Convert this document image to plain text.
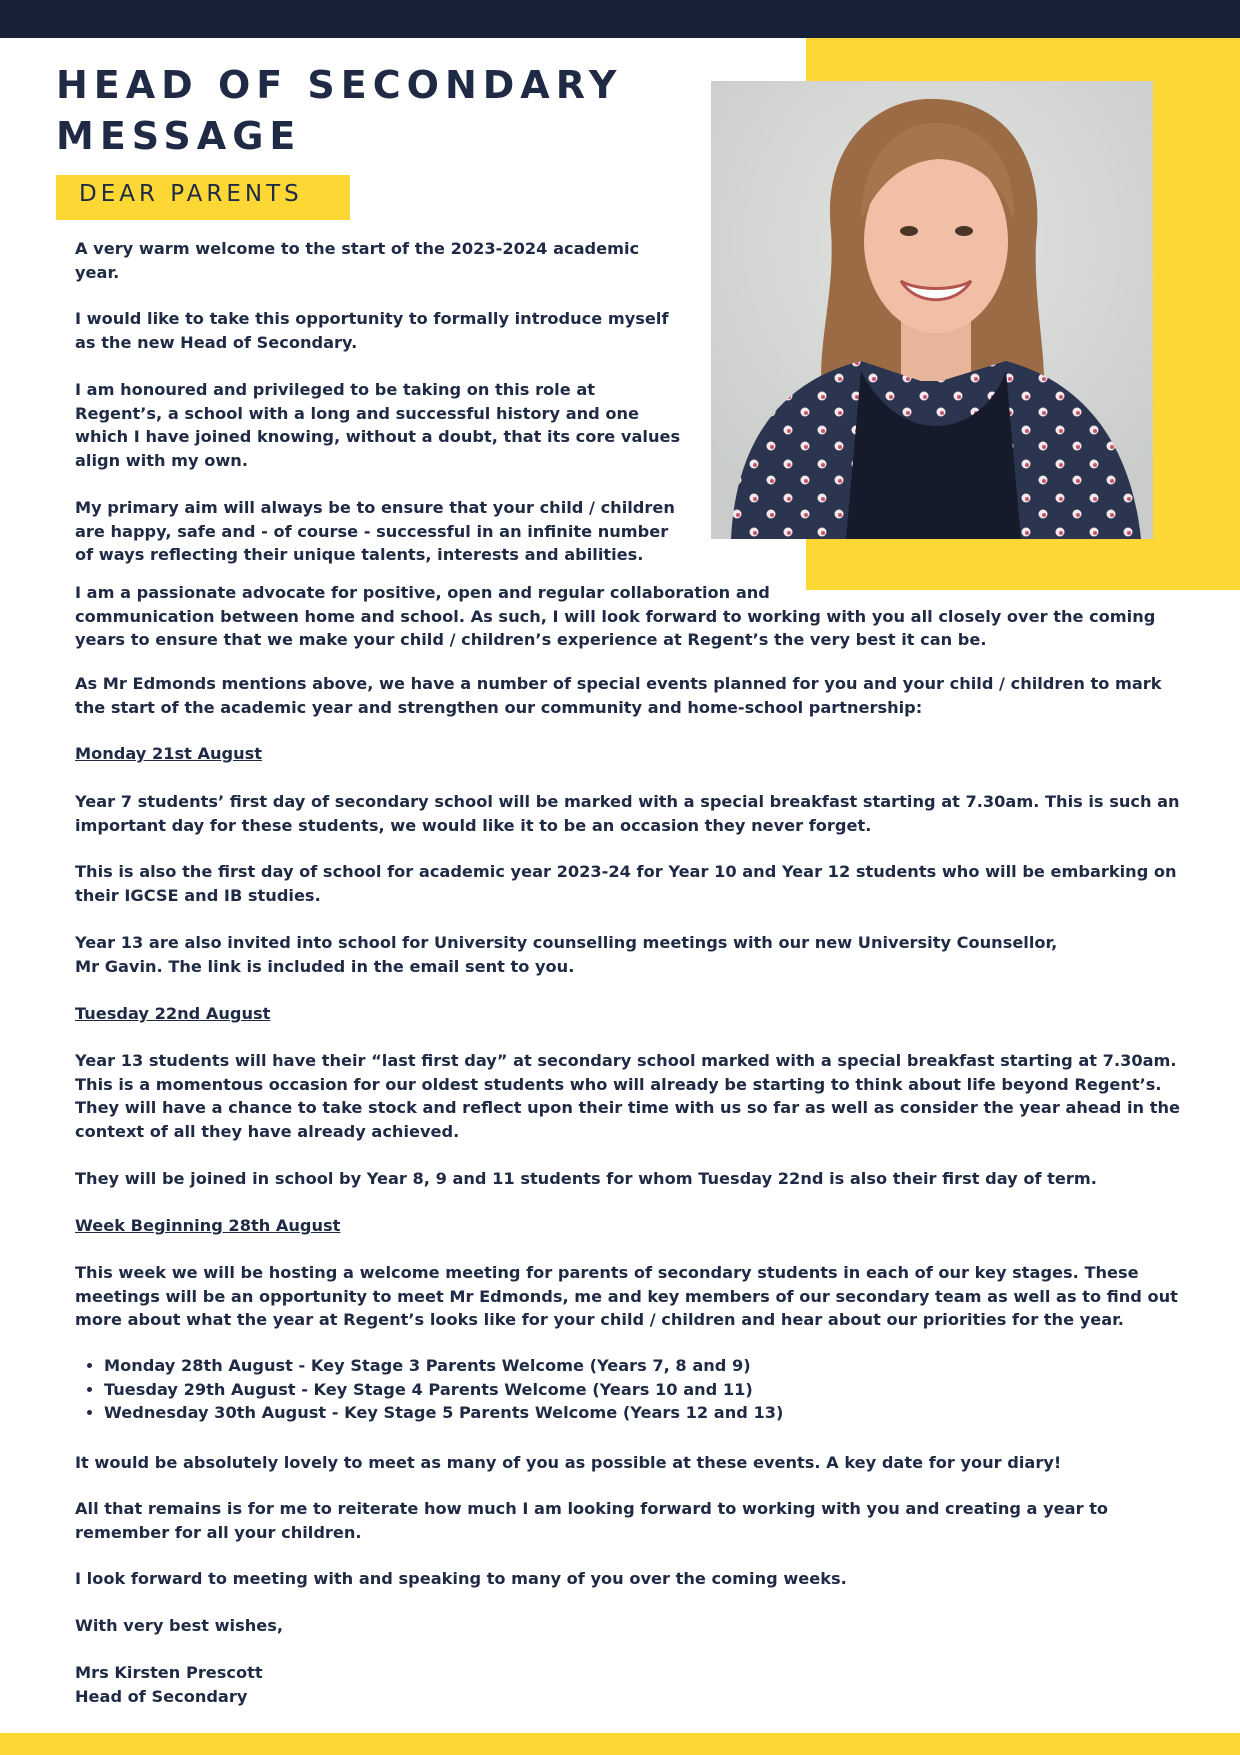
HEAD OF SECONDARY
MESSAGE
DEAR PARENTS

A very warm welcome to the start of the 2023-2024 academic year.

I would like to take this opportunity to formally introduce myself as the new Head of Secondary.

I am honoured and privileged to be taking on this role at Regent’s, a school with a long and successful history and one which I have joined knowing, without a doubt, that its core values align with my own.

My primary aim will always be to ensure that your child / children are happy, safe and - of course - successful in an infinite number of ways reflecting their unique talents, interests and abilities.

I am a passionate advocate for positive, open and regular collaboration and
communication between home and school. As such, I will look forward to working with you all closely over the coming years to ensure that we make your child / children’s experience at Regent’s the very best it can be.

As Mr Edmonds mentions above, we have a number of special events planned for you and your child / children to mark the start of the academic year and strengthen our community and home-school partnership:

Monday 21st August

Year 7 students’ first day of secondary school will be marked with a special breakfast starting at 7.30am. This is such an important day for these students, we would like it to be an occasion they never forget.

This is also the first day of school for academic year 2023-24 for Year 10 and Year 12 students who will be embarking on their IGCSE and IB studies.

Year 13 are also invited into school for University counselling meetings with our new University Counsellor,
Mr Gavin. The link is included in the email sent to you.

Tuesday 22nd August

Year 13 students will have their “last first day” at secondary school marked with a special breakfast starting at 7.30am. This is a momentous occasion for our oldest students who will already be starting to think about life beyond Regent’s. They will have a chance to take stock and reflect upon their time with us so far as well as consider the year ahead in the context of all they have already achieved.

They will be joined in school by Year 8, 9 and 11 students for whom Tuesday 22nd is also their first day of term.

Week Beginning 28th August

This week we will be hosting a welcome meeting for parents of secondary students in each of our key stages. These meetings will be an opportunity to meet Mr Edmonds, me and key members of our secondary team as well as to find out more about what the year at Regent’s looks like for your child / children and hear about our priorities for the year.

• Monday 28th August - Key Stage 3 Parents Welcome (Years 7, 8 and 9)
• Tuesday 29th August - Key Stage 4 Parents Welcome (Years 10 and 11)
• Wednesday 30th August - Key Stage 5 Parents Welcome (Years 12 and 13)

It would be absolutely lovely to meet as many of you as possible at these events. A key date for your diary!

All that remains is for me to reiterate how much I am looking forward to working with you and creating a year to remember for all your children.

I look forward to meeting with and speaking to many of you over the coming weeks.

With very best wishes,

Mrs Kirsten Prescott
Head of Secondary
